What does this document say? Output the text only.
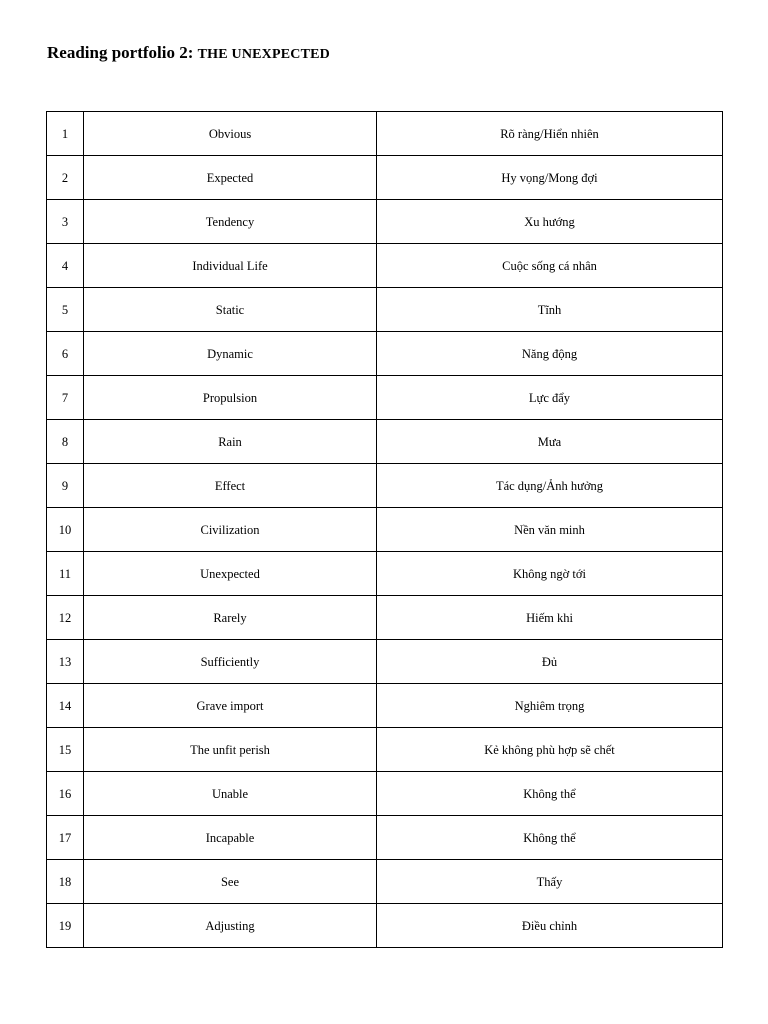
Reading portfolio 2: THE UNEXPECTED
1	Obvious	Rõ ràng/Hiển nhiên
2	Expected	Hy vọng/Mong đợi
3	Tendency	Xu hướng
4	Individual Life	Cuộc sống cá nhân
5	Static	Tĩnh
6	Dynamic	Năng động
7	Propulsion	Lực đẩy
8	Rain	Mưa
9	Effect	Tác dụng/Ảnh hưởng
10	Civilization	Nền văn minh
11	Unexpected	Không ngờ tới
12	Rarely	Hiếm khi
13	Sufficiently	Đủ
14	Grave import	Nghiêm trọng
15	The unfit perish	Kẻ không phù hợp sẽ chết
16	Unable	Không thể
17	Incapable	Không thể
18	See	Thấy
19	Adjusting	Điều chỉnh
